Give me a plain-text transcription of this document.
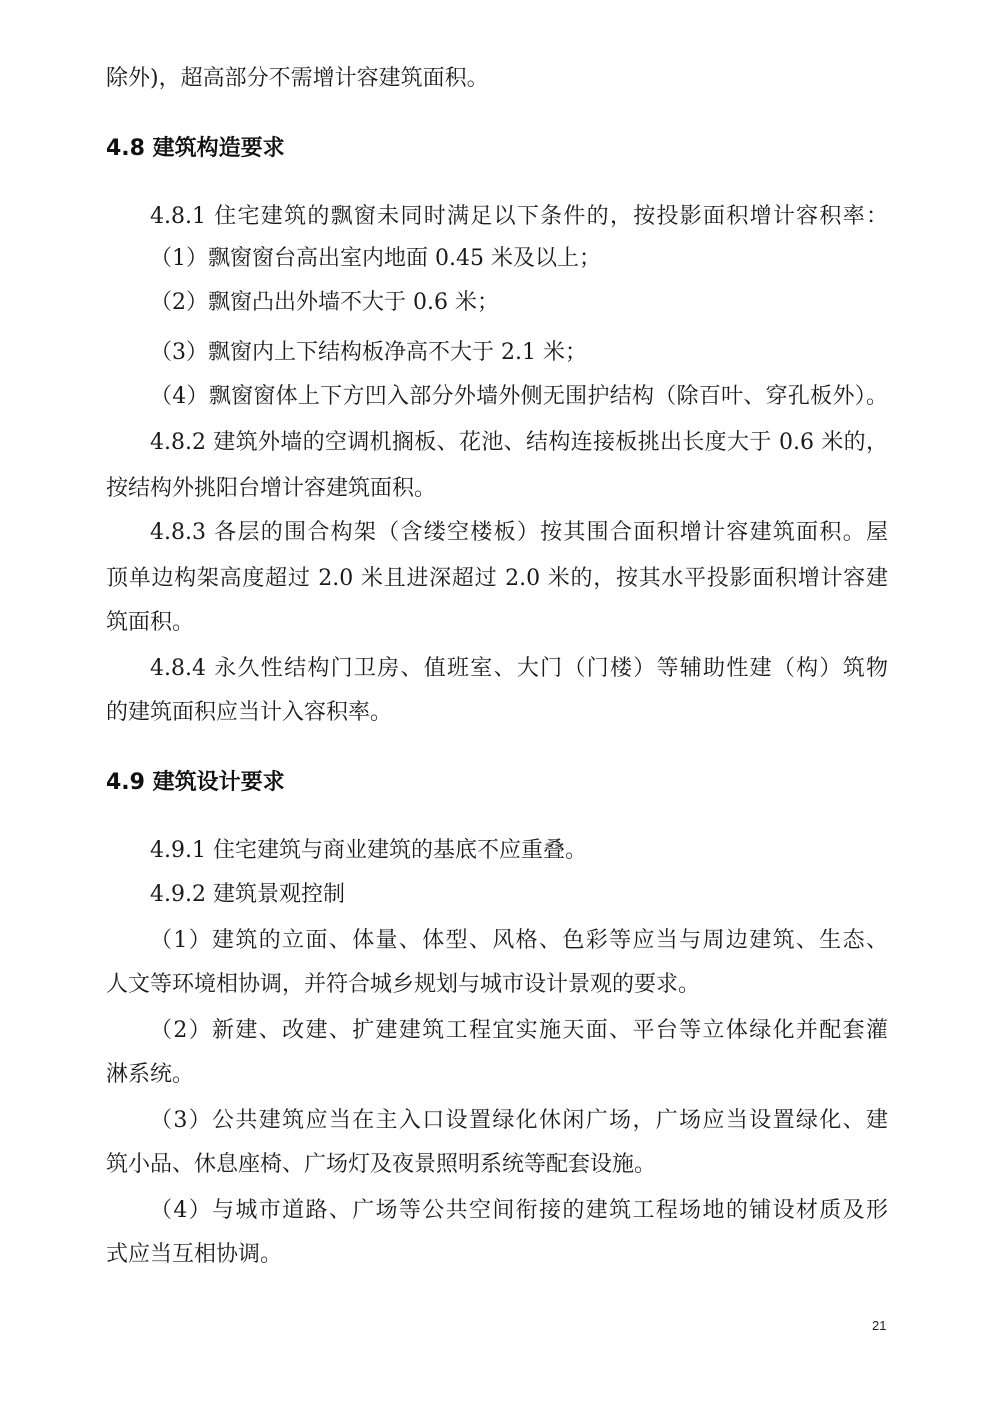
除外)，超高部分不需增计容建筑面积。
4.8 建筑构造要求
4.8.1 住宅建筑的飘窗未同时满足以下条件的，按投影面积增计容积率：
（1）飘窗窗台高出室内地面 0.45 米及以上；
（2）飘窗凸出外墙不大于 0.6 米；
（3）飘窗内上下结构板净高不大于 2.1 米；
（4）飘窗窗体上下方凹入部分外墙外侧无围护结构（除百叶、穿孔板外）。
4.8.2 建筑外墙的空调机搁板、花池、结构连接板挑出长度大于 0.6 米的，
按结构外挑阳台增计容建筑面积。
4.8.3 各层的围合构架（含缕空楼板）按其围合面积增计容建筑面积。屋
顶单边构架高度超过 2.0 米且进深超过 2.0 米的，按其水平投影面积增计容建
筑面积。
4.8.4 永久性结构门卫房、值班室、大门（门楼）等辅助性建（构）筑物
的建筑面积应当计入容积率。
4.9 建筑设计要求
4.9.1 住宅建筑与商业建筑的基底不应重叠。
4.9.2 建筑景观控制
（1）建筑的立面、体量、体型、风格、色彩等应当与周边建筑、生态、
人文等环境相协调，并符合城乡规划与城市设计景观的要求。
（2）新建、改建、扩建建筑工程宜实施天面、平台等立体绿化并配套灌
淋系统。
（3）公共建筑应当在主入口设置绿化休闲广场，广场应当设置绿化、建
筑小品、休息座椅、广场灯及夜景照明系统等配套设施。
（4）与城市道路、广场等公共空间衔接的建筑工程场地的铺设材质及形
式应当互相协调。
21
